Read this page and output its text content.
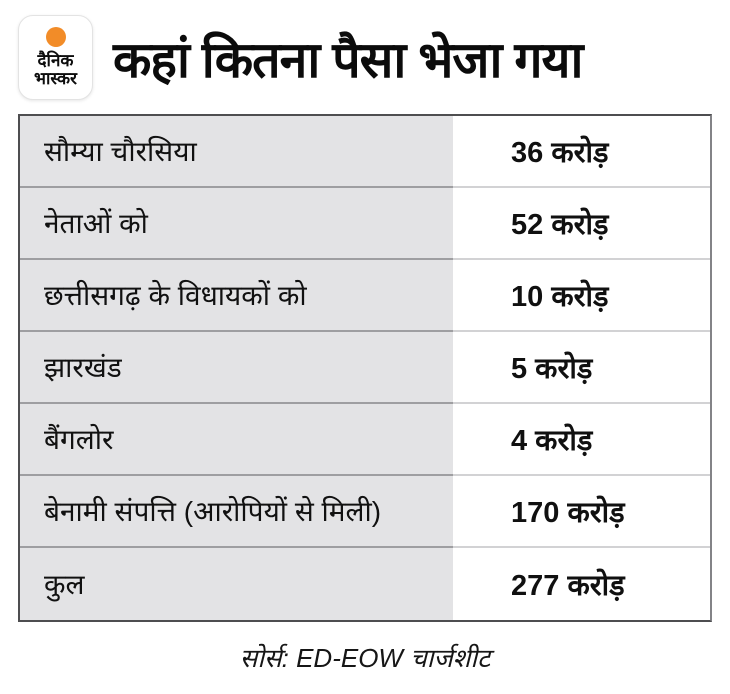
दैनिक
भास्कर कहां कितना पैसा भेजा गया
सौम्या चौरसिया	36 करोड़
नेताओं को	52 करोड़
छत्तीसगढ़ के विधायकों को	10 करोड़
झारखंड	5 करोड़
बैंगलोर	4 करोड़
बेनामी संपत्ति (आरोपियों से मिली)	170 करोड़
कुल	277 करोड़
सोर्स: ED-EOW चार्जशीट
